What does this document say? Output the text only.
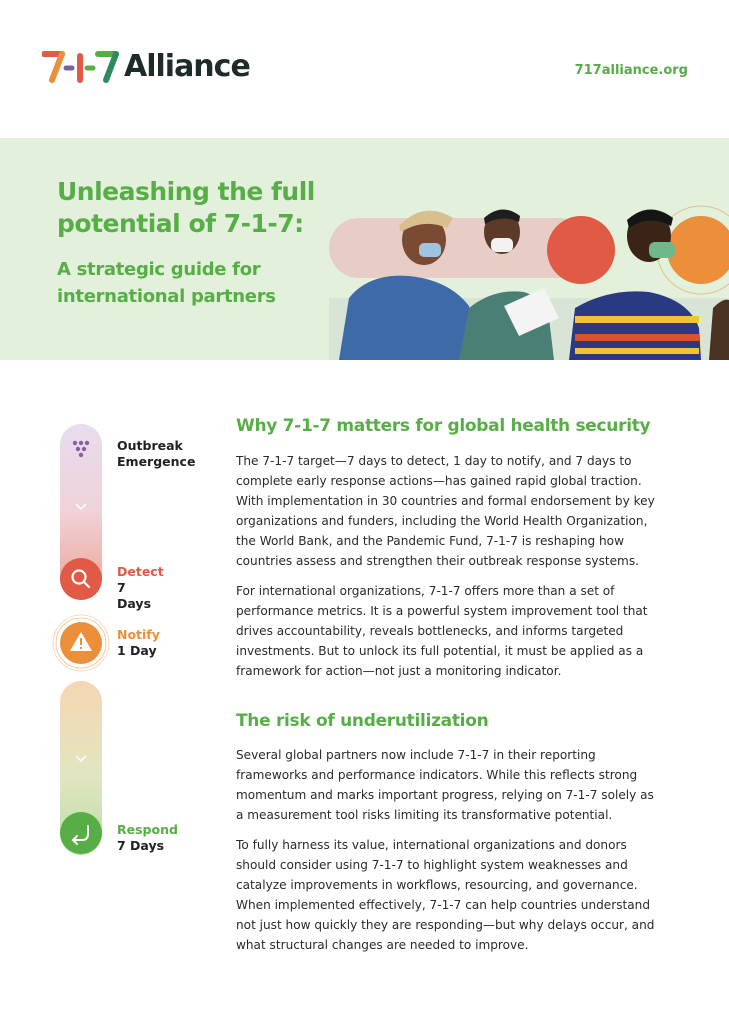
Alliance	717alliance.org
Unleashing the full potential of 7-1-7:
A strategic guide for international partners
Outbreak
Emergence
Detect
7 Days
Notify
1 Day
Respond
7 Days
Why 7-1-7 matters for global health security

The 7-1-7 target—7 days to detect, 1 day to notify, and 7 days to complete early response actions—has gained rapid global traction. With implementation in 30 countries and formal endorsement by key organizations and funders, including the World Health Organization, the World Bank, and the Pandemic Fund, 7-1-7 is reshaping how countries assess and strengthen their outbreak response systems.

For international organizations, 7-1-7 offers more than a set of performance metrics. It is a powerful system improvement tool that drives accountability, reveals bottlenecks, and informs targeted investments. But to unlock its full potential, it must be applied as a framework for action—not just a monitoring indicator.

The risk of underutilization

Several global partners now include 7-1-7 in their reporting frameworks and performance indicators. While this reflects strong momentum and marks important progress, relying on 7-1-7 solely as a measurement tool risks limiting its transformative potential.

To fully harness its value, international organizations and donors should consider using 7-1-7 to highlight system weaknesses and catalyze improvements in workflows, resourcing, and governance. When implemented effectively, 7-1-7 can help countries understand not just how quickly they are responding—but why delays occur, and what structural changes are needed to improve.
